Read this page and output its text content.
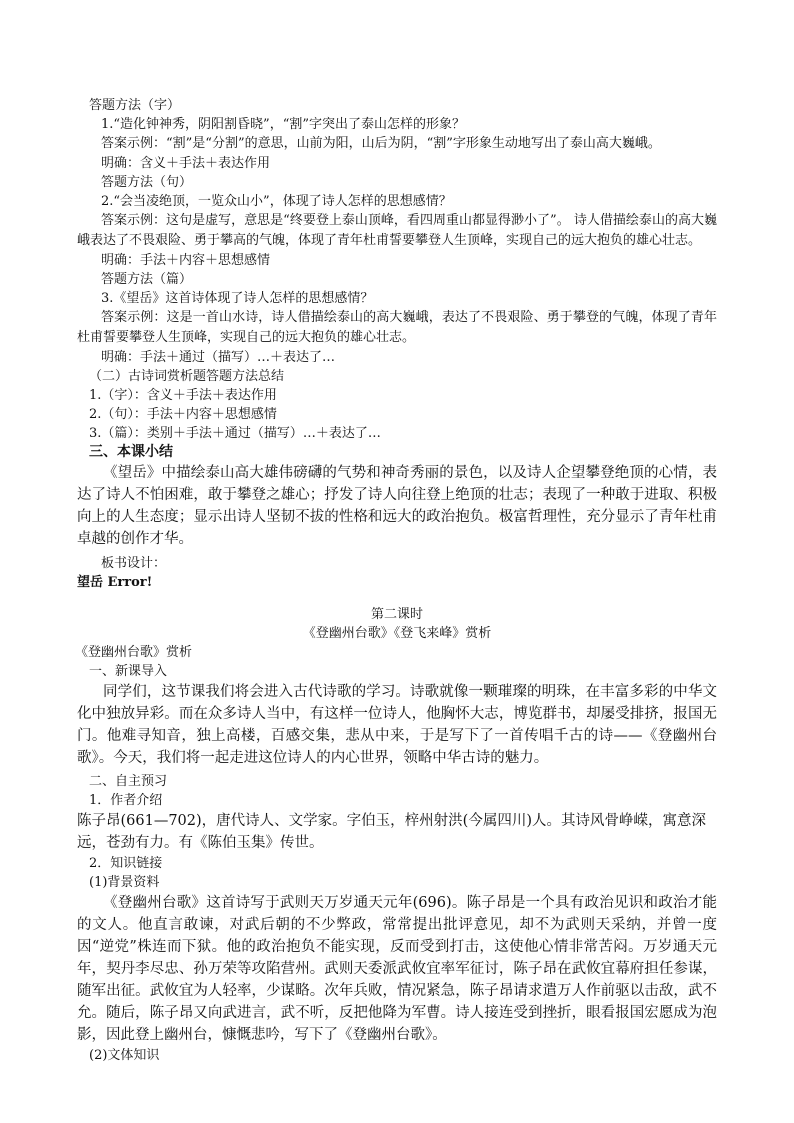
答题方法（字）
1.“造化钟神秀，阴阳割昏晓”，“割”字突出了泰山怎样的形象？
答案示例：“割”是“分割”的意思，山前为阳，山后为阴，“割”字形象生动地写出了泰山高大巍峨。
明确：含义＋手法＋表达作用
答题方法（句）
2.“会当凌绝顶，一览众山小”，体现了诗人怎样的思想感情？
答案示例：这句是虚写，意思是“终要登上泰山顶峰，看四周重山都显得渺小了”。 诗人借描绘泰山的高大巍峨表达了不畏艰险、勇于攀高的气魄，体现了青年杜甫誓要攀登人生顶峰，实现自己的远大抱负的雄心壮志。
明确：手法＋内容＋思想感情
答题方法（篇）
3.《望岳》这首诗体现了诗人怎样的思想感情？
答案示例：这是一首山水诗，诗人借描绘泰山的高大巍峨，表达了不畏艰险、勇于攀登的气魄，体现了青年杜甫誓要攀登人生顶峰，实现自己的远大抱负的雄心壮志。
明确：手法＋通过（描写）…＋表达了…
（二）古诗词赏析题答题方法总结
1.（字）：含义＋手法＋表达作用
2.（句）：手法＋内容＋思想感情
3.（篇）：类别＋手法＋通过（描写）…＋表达了…
三、本课小结
《望岳》中描绘泰山高大雄伟磅礴的气势和神奇秀丽的景色，以及诗人企望攀登绝顶的心情，表达了诗人不怕困难，敢于攀登之雄心；抒发了诗人向往登上绝顶的壮志；表现了一种敢于进取、积极向上的人生态度；显示出诗人坚韧不拔的性格和远大的政治抱负。极富哲理性，充分显示了青年杜甫卓越的创作才华。
板书设计：
望岳 Error!
第二课时
《登幽州台歌》《登飞来峰》赏析
《登幽州台歌》赏析
一、新课导入
同学们，这节课我们将会进入古代诗歌的学习。诗歌就像一颗璀璨的明珠，在丰富多彩的中华文化中独放异彩。而在众多诗人当中，有这样一位诗人，他胸怀大志，博览群书，却屡受排挤，报国无门。他难寻知音，独上高楼，百感交集，悲从中来，于是写下了一首传唱千古的诗——《登幽州台歌》。今天，我们将一起走进这位诗人的内心世界，领略中华古诗的魅力。
二、自主预习
1．作者介绍
陈子昂(661—702)，唐代诗人、文学家。字伯玉，梓州射洪(今属四川)人。其诗风骨峥嵘，寓意深远，苍劲有力。有《陈伯玉集》传世。
2．知识链接
(1)背景资料
《登幽州台歌》这首诗写于武则天万岁通天元年(696)。陈子昂是一个具有政治见识和政治才能的文人。他直言敢谏，对武后朝的不少弊政，常常提出批评意见，却不为武则天采纳，并曾一度因“逆党”株连而下狱。他的政治抱负不能实现，反而受到打击，这使他心情非常苦闷。万岁通天元年，契丹李尽忠、孙万荣等攻陷营州。武则天委派武攸宜率军征讨，陈子昂在武攸宜幕府担任参谋，随军出征。武攸宜为人轻率，少谋略。次年兵败，情况紧急，陈子昂请求遣万人作前驱以击敌，武不允。随后，陈子昂又向武进言，武不听，反把他降为军曹。诗人接连受到挫折，眼看报国宏愿成为泡影，因此登上幽州台，慷慨悲吟，写下了《登幽州台歌》。
(2)文体知识
